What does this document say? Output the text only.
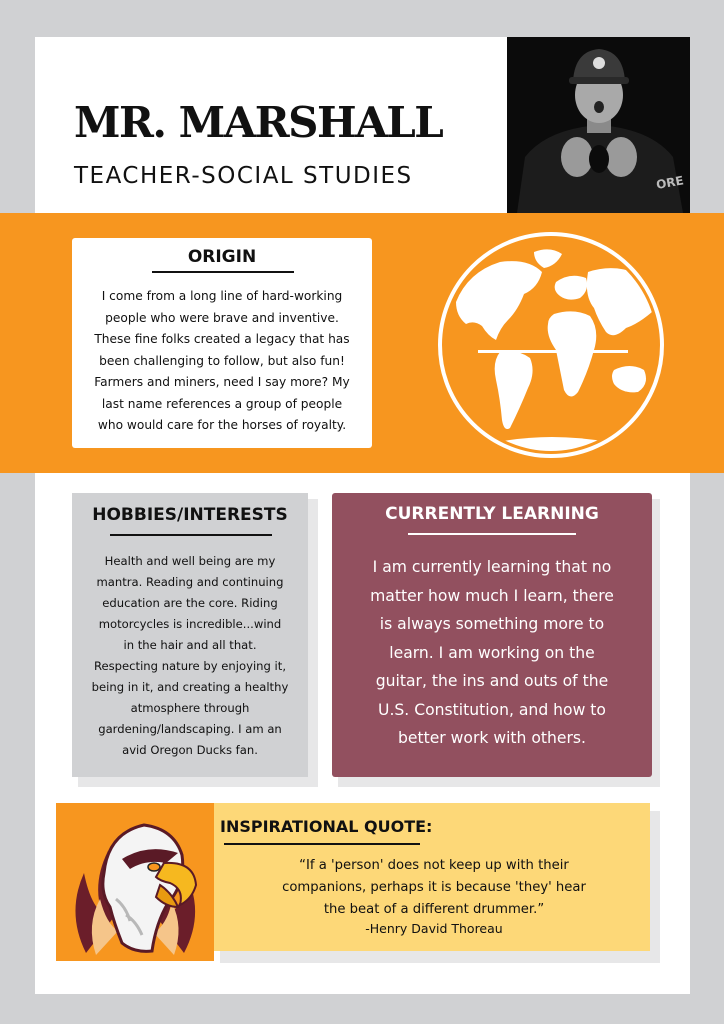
MR. MARSHALL
TEACHER-SOCIAL STUDIES	ORE
ORIGIN
I come from a long line of hard-working
people who were brave and inventive.
These fine folks created a legacy that has
been challenging to follow, but also fun!
Farmers and miners, need I say more? My
last name references a group of people
who would care for the horses of royalty.
HOBBIES/INTERESTS
Health and well being are my
mantra. Reading and continuing
education are the core. Riding
motorcycles is incredible...wind
in the hair and all that.
Respecting nature by enjoying it,
being in it, and creating a healthy
atmosphere through
gardening/landscaping. I am an
avid Oregon Ducks fan.
CURRENTLY LEARNING
I am currently learning that no
matter how much I learn, there
is always something more to
learn. I am working on the
guitar, the ins and outs of the
U.S. Constitution, and how to
better work with others.
INSPIRATIONAL QUOTE:
“If a 'person' does not keep up with their
companions, perhaps it is because 'they' hear
the beat of a different drummer.”
-Henry David Thoreau
